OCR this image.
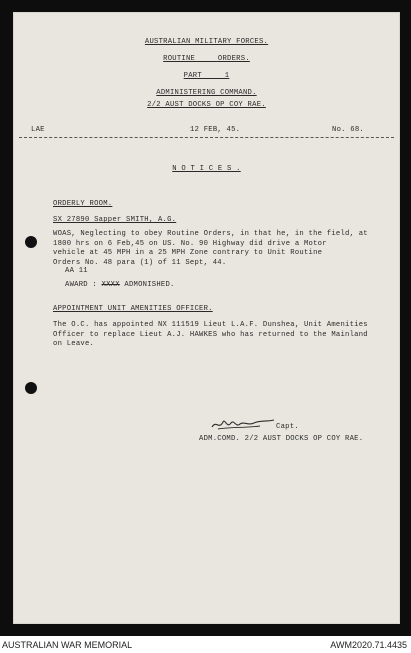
AUSTRALIAN MILITARY FORCES.
ROUTINE     ORDERS.
PART     1
ADMINISTERING COMMAND.
2/2 AUST DOCKS OP COY RAE.
LAE	12 FEB, 45.	No. 68.
N O T I C E S .
ORDERLY ROOM.
SX 27890 Sapper SMITH, A.G.
WOAS, Neglecting to obey Routine Orders, in that he, in the field, at
1800 hrs on 6 Feb,45 on US. No. 90 Highway did drive a Motor
vehicle at 45 MPH in a 25 MPH Zone contrary to Unit Routine
Orders No. 48 para (1) of 11 Sept, 44.
AA 11
AWARD : XXXX ADMONISHED.
APPOINTMENT UNIT AMENITIES OFFICER.
The O.C. has appointed NX 111519 Lieut L.A.F. Dunshea, Unit Amenities
Officer to replace Lieut A.J. HAWKES who has returned to the Mainland
on Leave.
Capt.
ADM.COMD. 2/2 AUST DOCKS OP COY RAE.
AUSTRALIAN WAR MEMORIAL	AWM2020.71.4435
